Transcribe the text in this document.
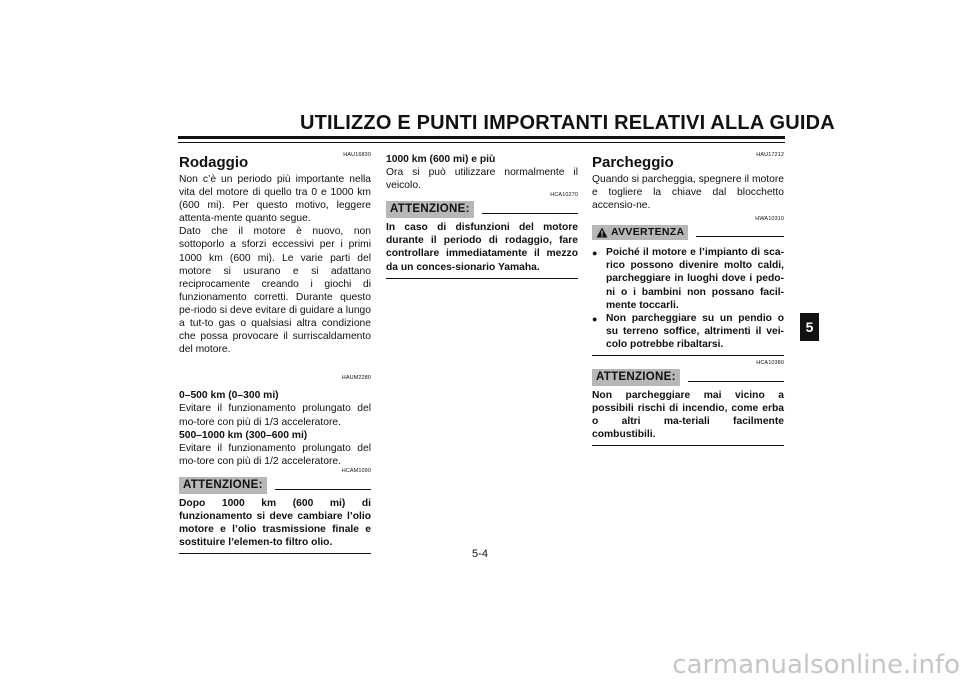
UTILIZZO E PUNTI IMPORTANTI RELATIVI ALLA GUIDA
5
HAU16830
Rodaggio

Non c’è un periodo più importante nella vita del motore di quello tra 0 e 1000 km (600 mi). Per questo motivo, leggere attenta-mente quanto segue.

Dato che il motore è nuovo, non sottoporlo a sforzi eccessivi per i primi 1000 km (600 mi). Le varie parti del motore si usurano e si adattano reciprocamente creando i giochi di funzionamento corretti. Durante questo pe-riodo si deve evitare di guidare a lungo a tut-to gas o qualsiasi altra condizione che possa provocare il surriscaldamento del motore.

HAUM2280
0–500 km (0–300 mi)

Evitare il funzionamento prolungato del mo-tore con più di 1/3 acceleratore.

500–1000 km (300–600 mi)

Evitare il funzionamento prolungato del mo-tore con più di 1/2 acceleratore.

HCAM1090
ATTENZIONE:

Dopo 1000 km (600 mi) di funzionamento si deve cambiare l’olio motore e l’olio trasmissione finale e sostituire l’elemen-to filtro olio.

1000 km (600 mi) e più

Ora si può utilizzare normalmente il veicolo.

HCA10270
ATTENZIONE:

In caso di disfunzioni del motore durante il periodo di rodaggio, fare controllare immediatamente il mezzo da un conces-sionario Yamaha.

HAU17212
Parcheggio

Quando si parcheggia, spegnere il motore e togliere la chiave dal blocchetto accensio-ne.

HWA10310
AVVERTENZA
● Poiché il motore e l’impianto di sca-rico possono divenire molto caldi, parcheggiare in luoghi dove i pedo-ni o i bambini non possano facil-mente toccarli.
● Non parcheggiare su un pendio o su terreno soffice, altrimenti il vei-colo potrebbe ribaltarsi.
HCA10380
ATTENZIONE:

Non parcheggiare mai vicino a possibili rischi di incendio, come erba o altri ma-teriali facilmente combustibili.

5-4
carmanualsonline.info
